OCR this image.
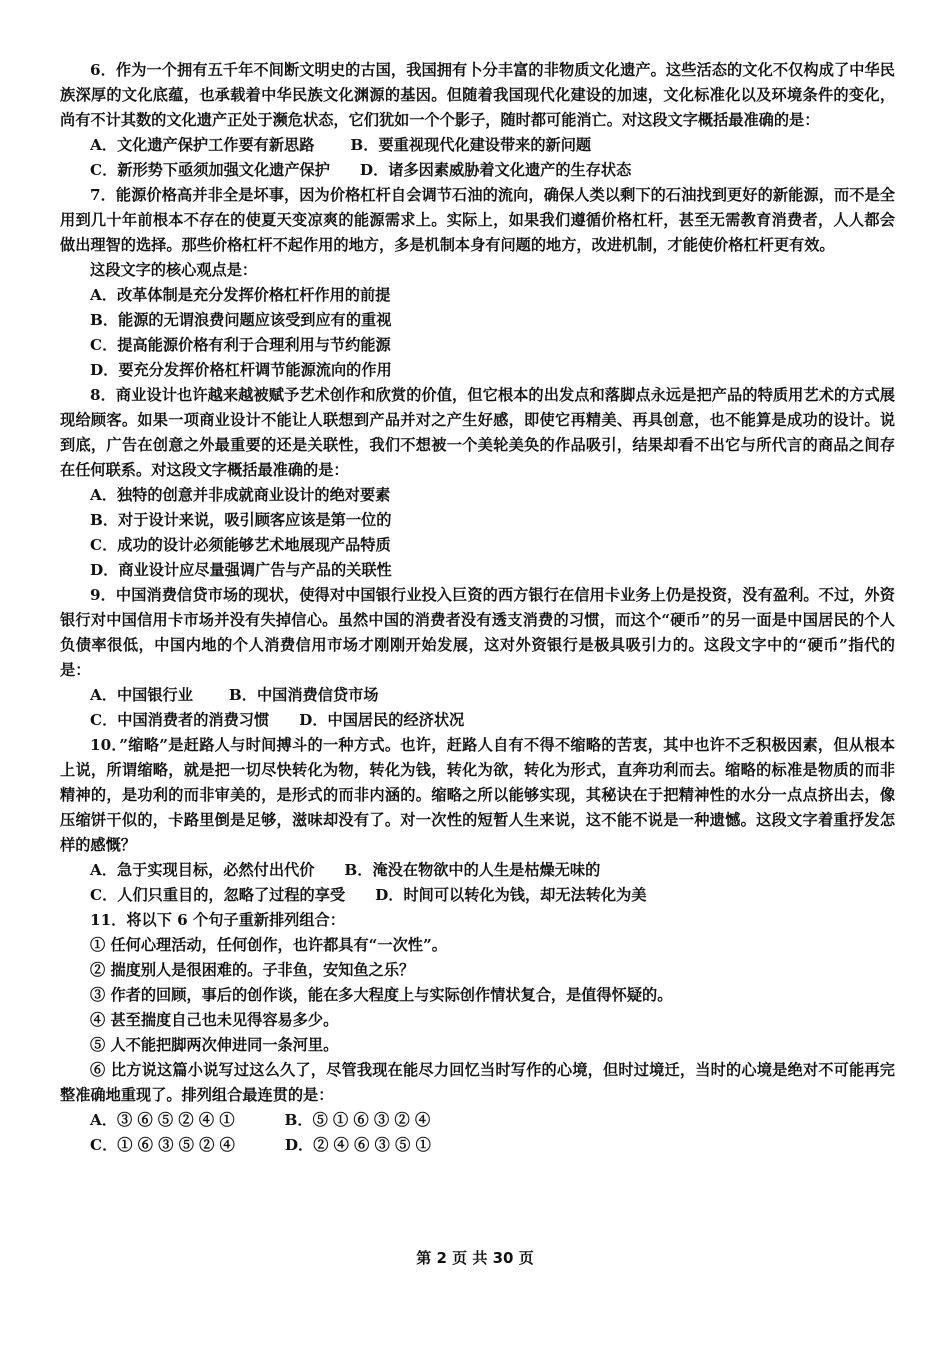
6．作为一个拥有五千年不间断文明史的古国，我国拥有卜分丰富的非物质文化遗产。这些活态的文化不仅构成了中华民族深厚的文化底蕴，也承载着中华民族文化渊源的基因。但随着我国现代化建设的加速，文化标准化以及环境条件的变化，尚有不计其数的文化遗产正处于濒危状态，它们犹如一个个影子，随时都可能消亡。对这段文字概括最准确的是：

A．文化遗产保护工作要有新思路 B．要重视现代化建设带来的新问题

C．新形势下亟须加强文化遗产保护 D．诸多因素威胁着文化遗产的生存状态

7．能源价格高并非全是坏事，因为价格杠杆自会调节石油的流向，确保人类以剩下的石油找到更好的新能源，而不是全用到几十年前根本不存在的使夏天变凉爽的能源需求上。实际上，如果我们遵循价格杠杆，甚至无需教育消费者，人人都会做出理智的选择。那些价格杠杆不起作用的地方，多是机制本身有问题的地方，改进机制，才能使价格杠杆更有效。

这段文字的核心观点是：

A．改革体制是充分发挥价格杠杆作用的前提

B．能源的无谓浪费问题应该受到应有的重视

C．提高能源价格有利于合理利用与节约能源

D．要充分发挥价格杠杆调节能源流向的作用

8．商业设计也许越来越被赋予艺术创作和欣赏的价值，但它根本的出发点和落脚点永远是把产品的特质用艺术的方式展现给顾客。如果一项商业设计不能让人联想到产品并对之产生好感，即使它再精美、再具创意，也不能算是成功的设计。说到底，广告在创意之外最重要的还是关联性，我们不想被一个美轮美奂的作品吸引，结果却看不出它与所代言的商品之间存在任何联系。对这段文字概括最准确的是：

A．独特的创意并非成就商业设计的绝对要素

B．对于设计来说，吸引顾客应该是第一位的

C．成功的设计必须能够艺术地展现产品特质

D．商业设计应尽量强调广告与产品的关联性

9．中国消费信贷市场的现状，使得对中国银行业投入巨资的西方银行在信用卡业务上仍是投资，没有盈利。不过，外资银行对中国信用卡市场并没有失掉信心。虽然中国的消费者没有透支消费的习惯，而这个“硬币”的另一面是中国居民的个人负债率很低，中国内地的个人消费信用市场才刚刚开始发展，这对外资银行是极具吸引力的。这段文字中的“硬币”指代的是：

A．中国银行业 B．中国消费信贷市场

C．中国消费者的消费习惯 D．中国居民的经济状况

10．”缩略”是赶路人与时间搏斗的一种方式。也许，赶路人自有不得不缩略的苦衷，其中也许不乏积极因素，但从根本上说，所谓缩略，就是把一切尽快转化为物，转化为钱，转化为欲，转化为形式，直奔功利而去。缩略的标准是物质的而非精神的，是功利的而非审美的，是形式的而非内涵的。缩略之所以能够实现，其秘诀在于把精神性的水分一点点挤出去，像压缩饼干似的，卡路里倒是足够，滋味却没有了。对一次性的短暂人生来说，这不能不说是一种遗憾。这段文字着重抒发怎样的感慨？

A．急于实现目标，必然付出代价 B．淹没在物欲中的人生是枯燥无味的

C．人们只重目的，忽略了过程的享受 D．时间可以转化为钱，却无法转化为美

11．将以下 6 个句子重新排列组合：

① 任何心理活动，任何创作，也许都具有“一次性”。

② 揣度别人是很困难的。子非鱼，安知鱼之乐？

③ 作者的回顾，事后的创作谈，能在多大程度上与实际创作情状复合，是值得怀疑的。

④ 甚至揣度自己也未见得容易多少。

⑤ 人不能把脚两次伸进同一条河里。

⑥ 比方说这篇小说写过这么久了，尽管我现在能尽力回忆当时写作的心境，但时过境迁，当时的心境是绝对不可能再完整准确地重现了。排列组合最连贯的是：

A．③ ⑥ ⑤ ② ④ ①	B．⑤ ① ⑥ ③ ② ④

C．① ⑥ ③ ⑤ ② ④	D．② ④ ⑥ ③ ⑤ ①

第 2 页 共 30 页
